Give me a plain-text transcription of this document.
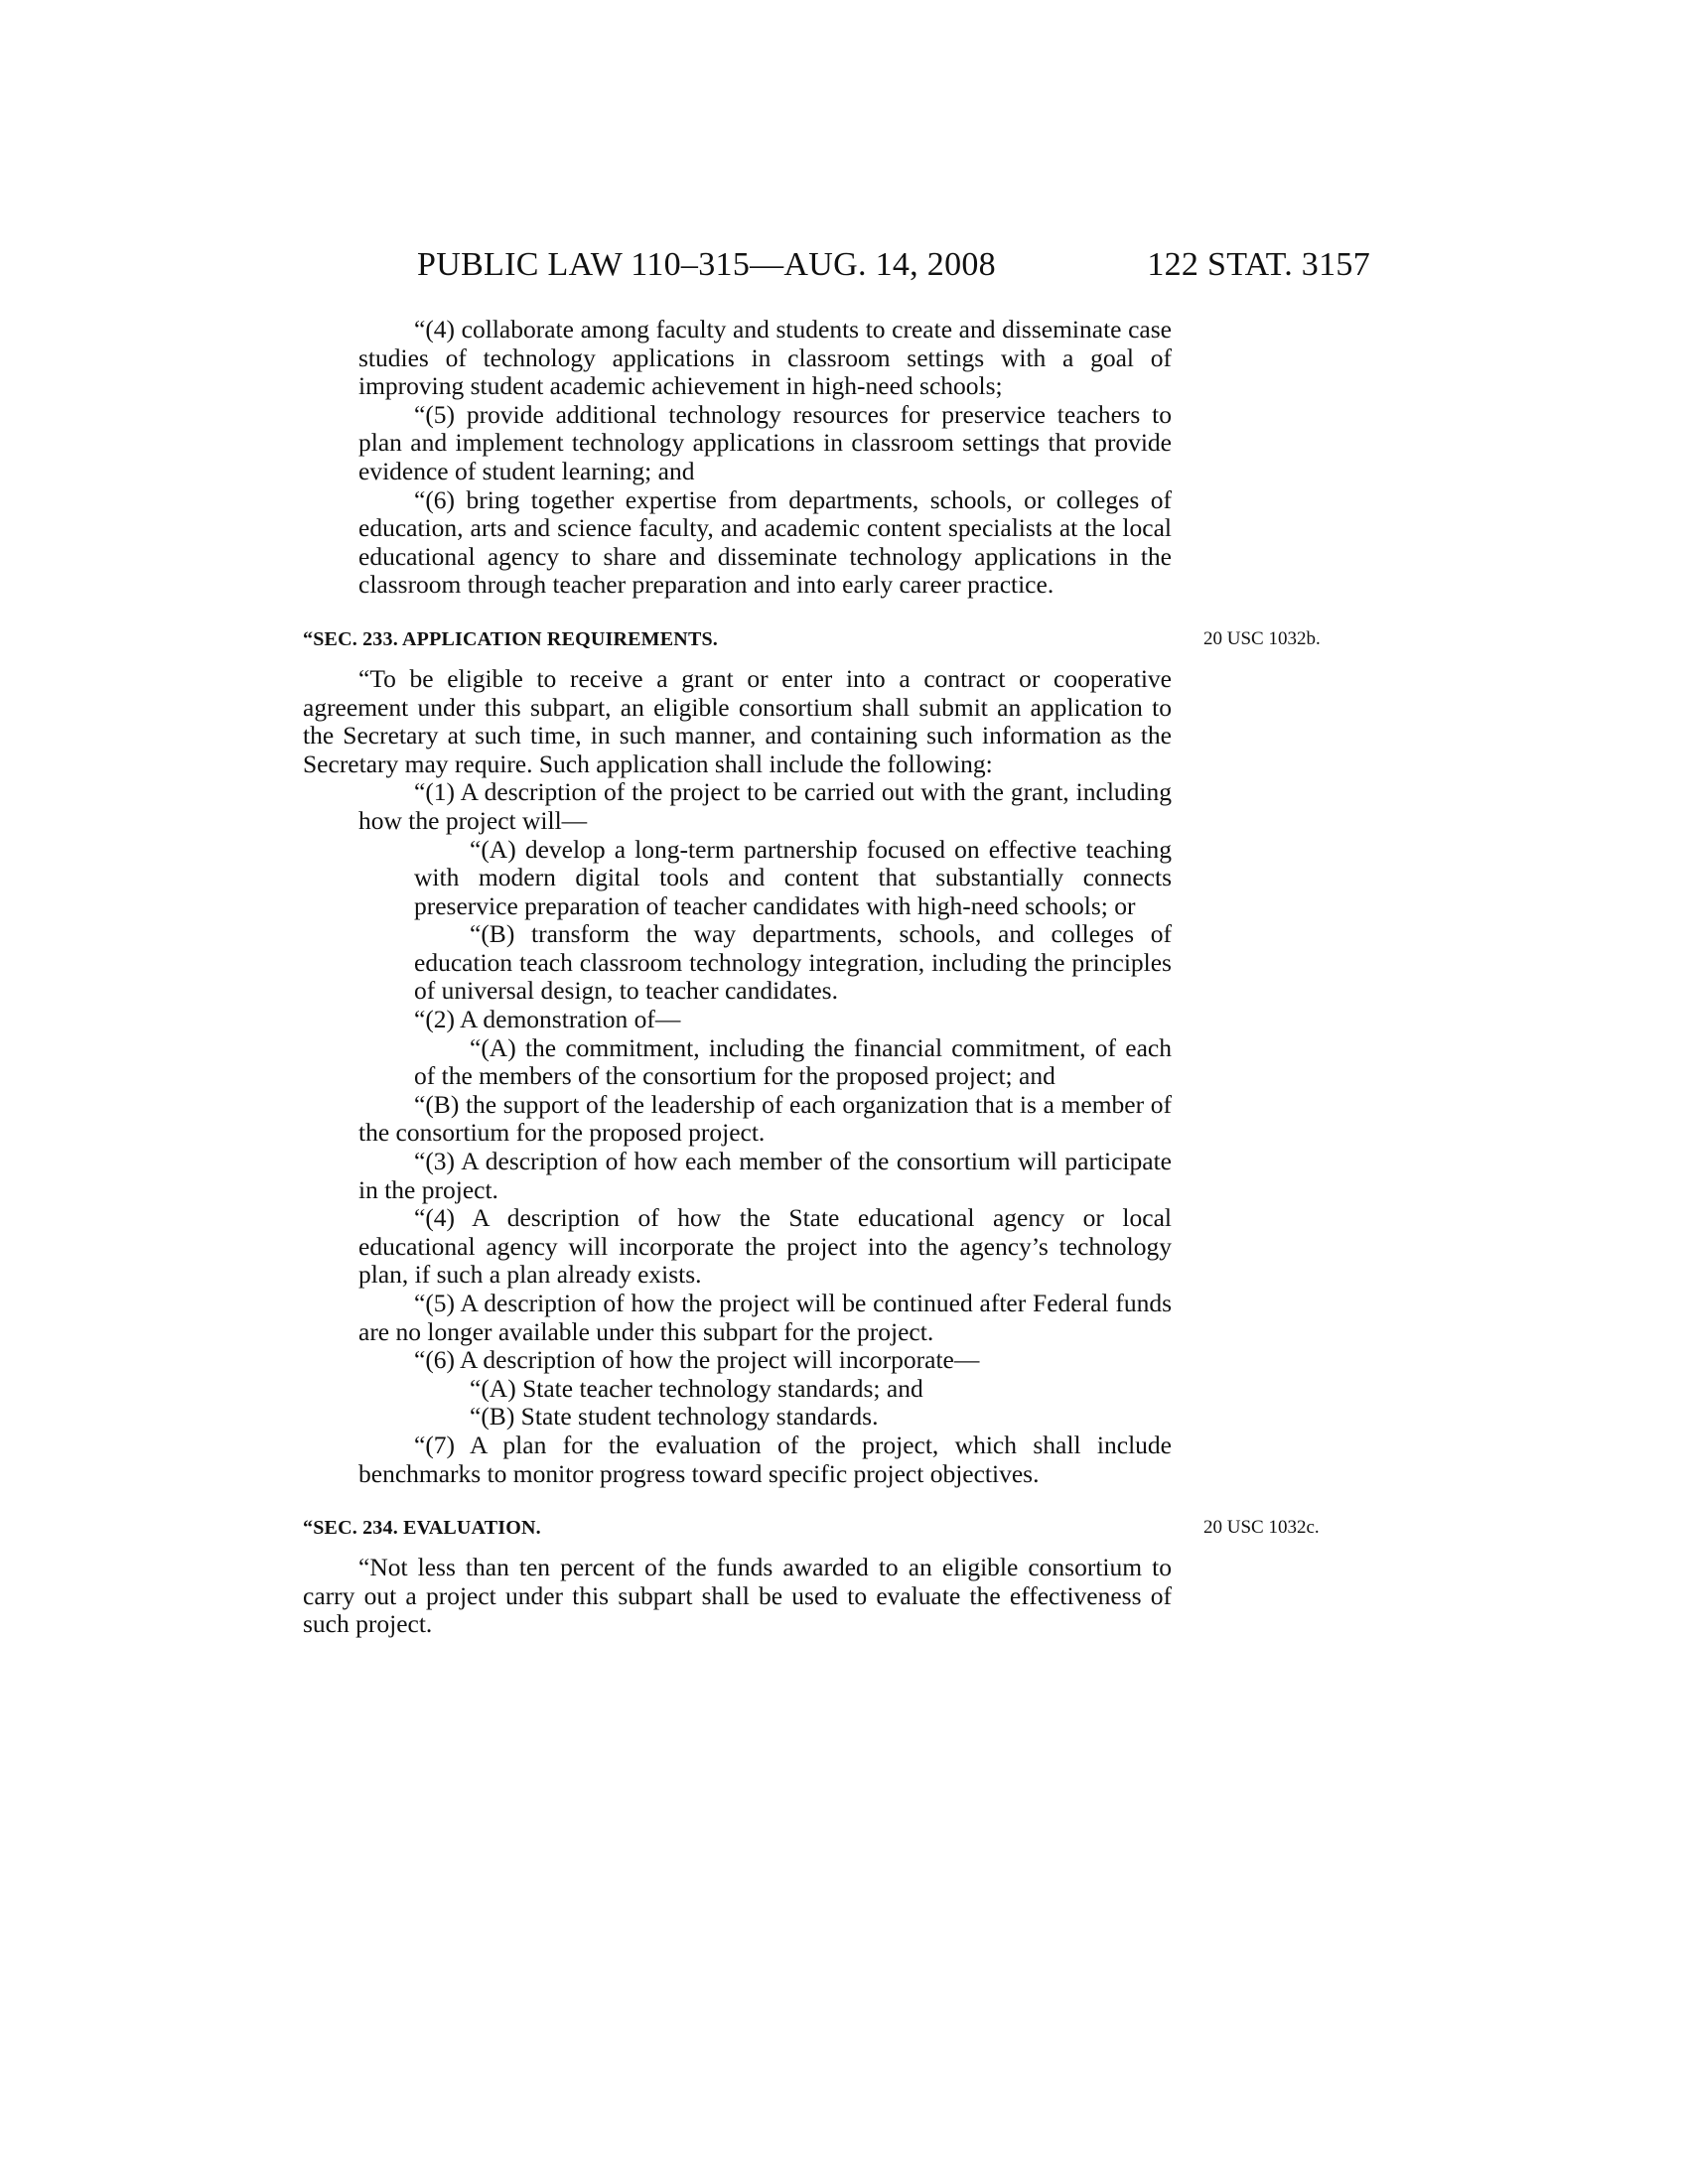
PUBLIC LAW 110–315—AUG. 14, 2008	122 STAT. 3157

“(4) collaborate among faculty and students to create and disseminate case studies of technology applications in classroom settings with a goal of improving student academic achievement in high-need schools;

“(5) provide additional technology resources for preservice teachers to plan and implement technology applications in classroom settings that provide evidence of student learning; and

“(6) bring together expertise from departments, schools, or colleges of education, arts and science faculty, and academic content specialists at the local educational agency to share and disseminate technology applications in the classroom through teacher preparation and into early career practice.

“SEC. 233. APPLICATION REQUIREMENTS.	20 USC 1032b.

“To be eligible to receive a grant or enter into a contract or cooperative agreement under this subpart, an eligible consortium shall submit an application to the Secretary at such time, in such manner, and containing such information as the Secretary may require. Such application shall include the following:

“(1) A description of the project to be carried out with the grant, including how the project will—

“(A) develop a long-term partnership focused on effective teaching with modern digital tools and content that substantially connects preservice preparation of teacher candidates with high-need schools; or

“(B) transform the way departments, schools, and colleges of education teach classroom technology integration, including the principles of universal design, to teacher candidates.

“(2) A demonstration of—

“(A) the commitment, including the financial commitment, of each of the members of the consortium for the proposed project; and

“(B) the support of the leadership of each organization that is a member of the consortium for the proposed project.

“(3) A description of how each member of the consortium will participate in the project.

“(4) A description of how the State educational agency or local educational agency will incorporate the project into the agency’s technology plan, if such a plan already exists.

“(5) A description of how the project will be continued after Federal funds are no longer available under this subpart for the project.

“(6) A description of how the project will incorporate—

“(A) State teacher technology standards; and

“(B) State student technology standards.

“(7) A plan for the evaluation of the project, which shall include benchmarks to monitor progress toward specific project objectives.

“SEC. 234. EVALUATION.	20 USC 1032c.

“Not less than ten percent of the funds awarded to an eligible consortium to carry out a project under this subpart shall be used to evaluate the effectiveness of such project.
